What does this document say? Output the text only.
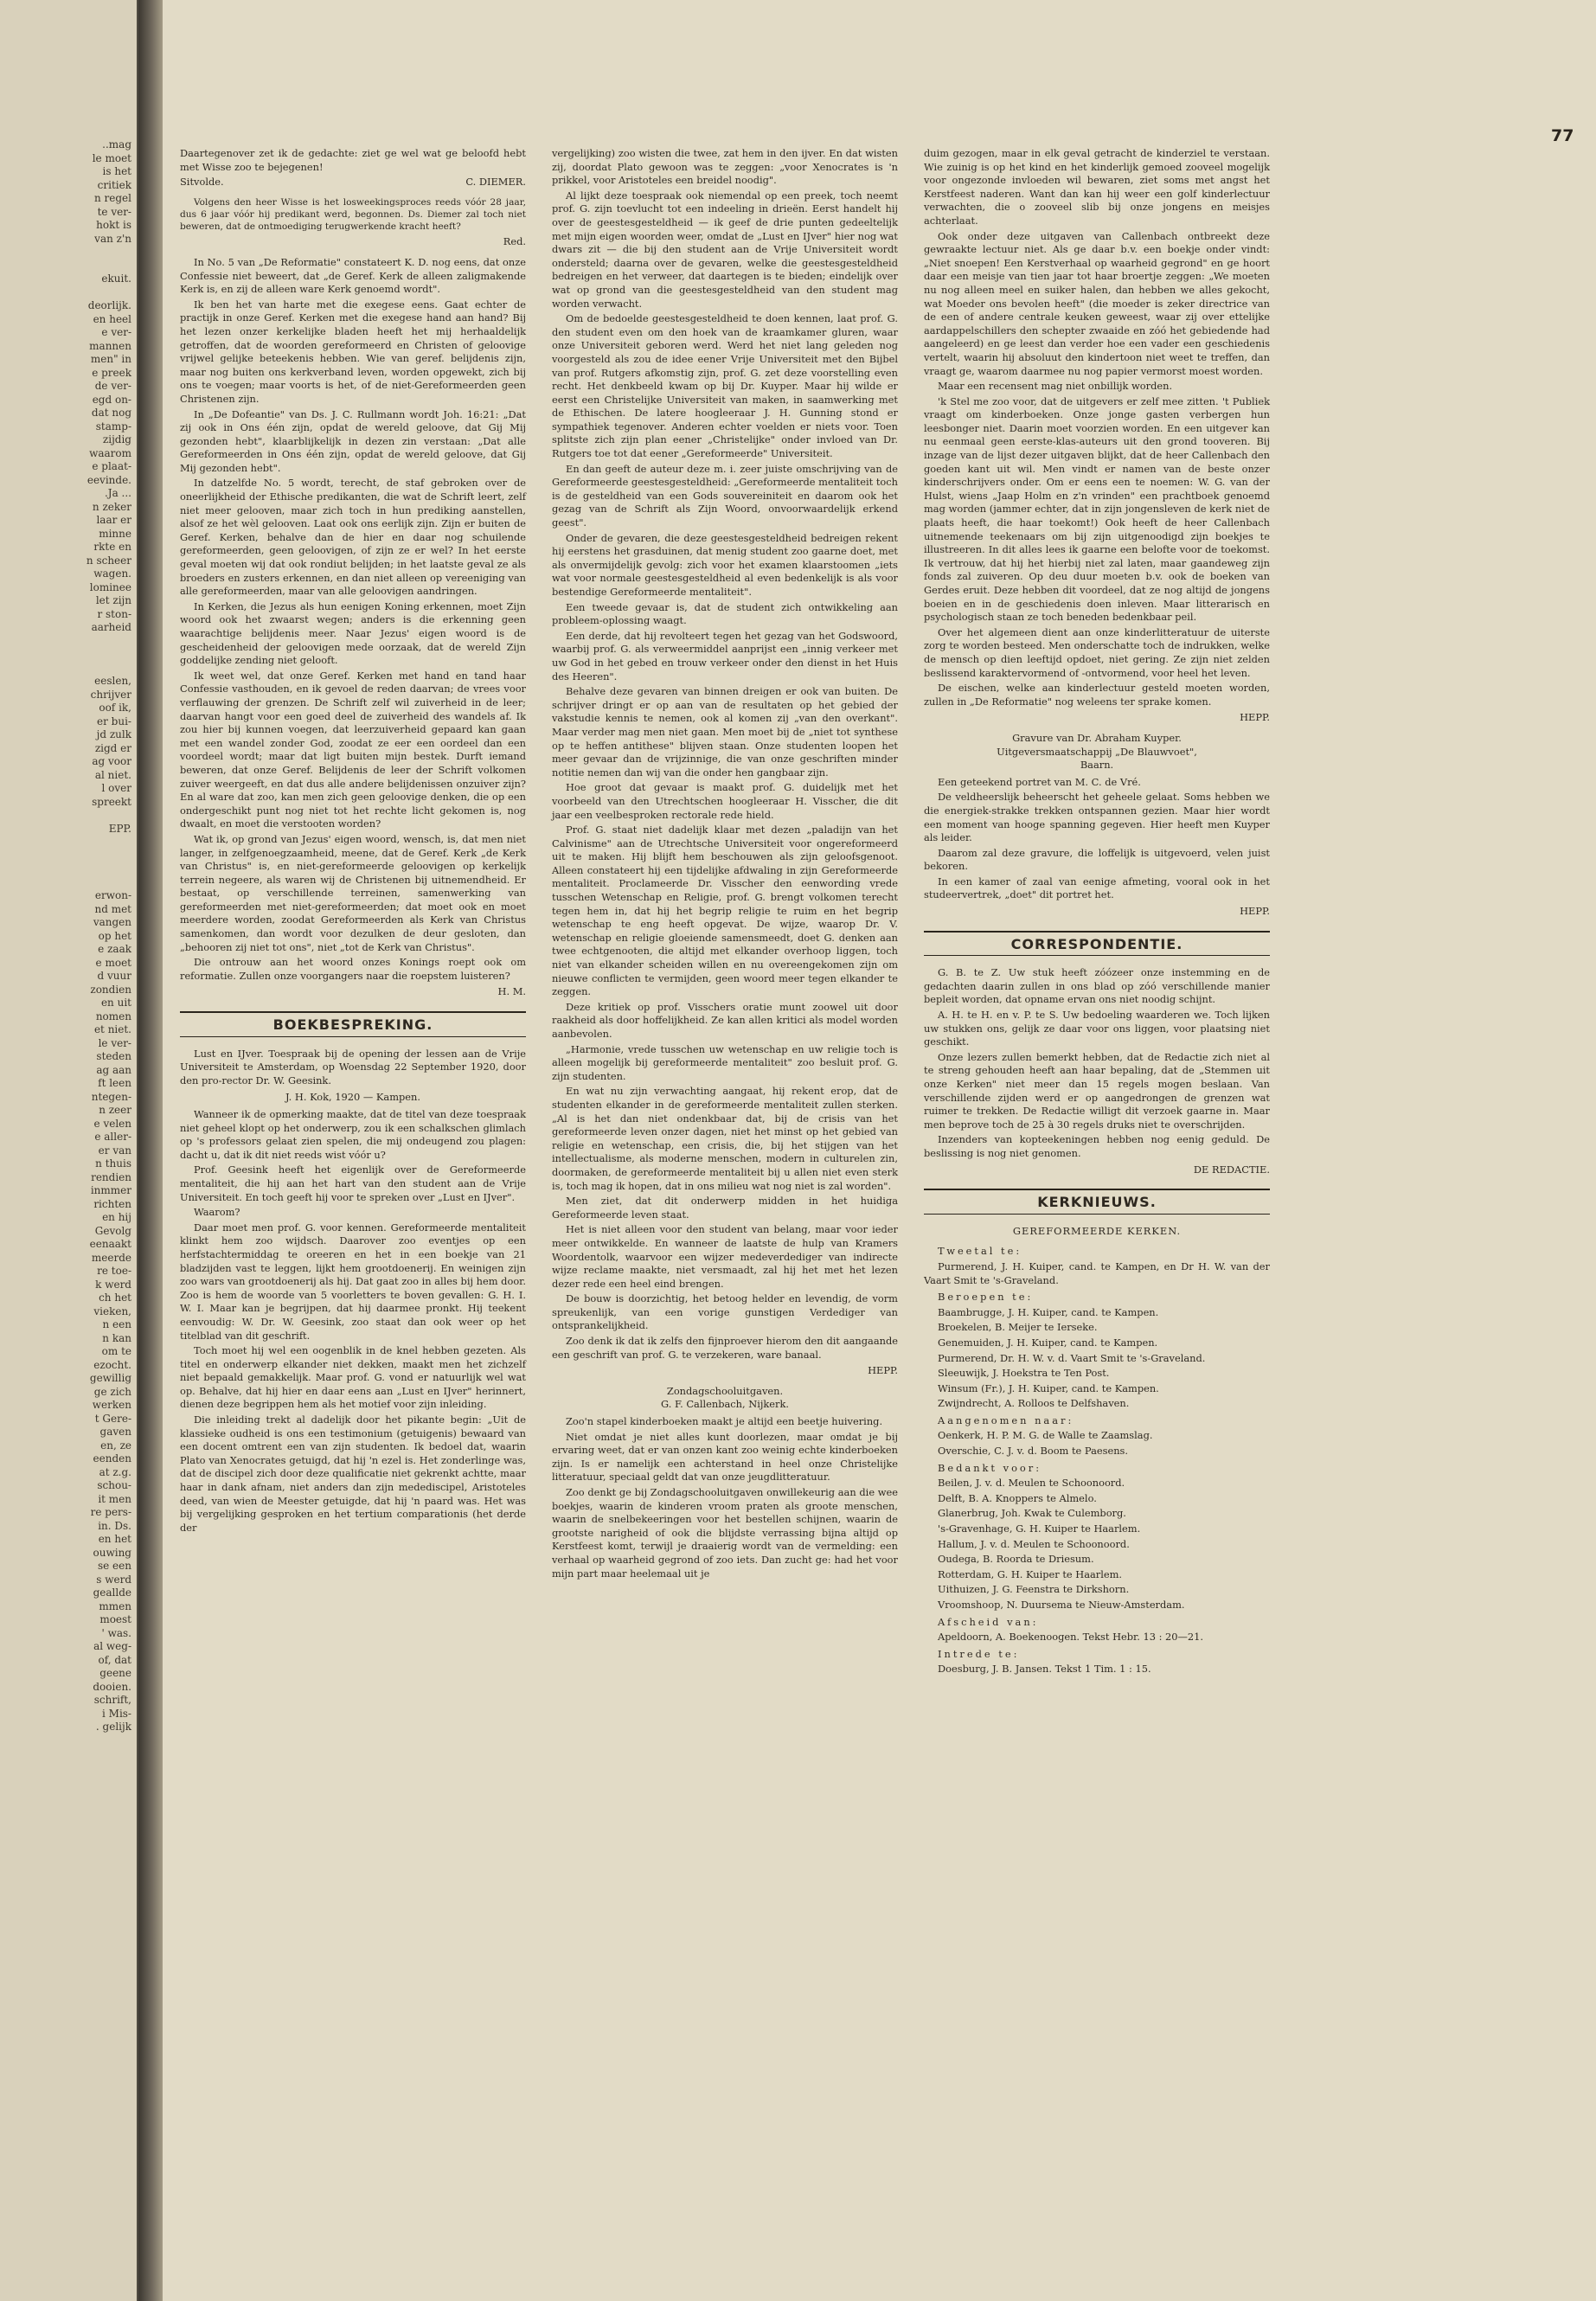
..mag
le moet
is het
critiek
n regel
te ver-
hokt is
van z'n

ekuit.

deorlijk.
en heel
e ver-
mannen
men" in
e preek
de ver-
egd on-
dat nog
stamp-
zijdig
waarom
e plaat-
eevinde.
.Ja ...
n zeker
laar er
minne
rkte en
n scheer
wagen.
lominee
let zijn
r ston-
aarheid

eeslen,
chrijver
oof ik,
er bui-
jd zulk
zigd er
ag voor
al niet.
l over
spreekt

EPP.

erwon-
nd met
vangen
op het
e zaak
e moet
d vuur
zondien
en uit
nomen
et niet.
le ver-
steden
ag aan
ft leen
ntegen-
n zeer
e velen
e aller-
er van
n thuis
rendien
inmmer
richten
en hij
Gevolg
eenaakt
meerde
re toe-
k werd
ch het
vieken,
n een
n kan
om te
ezocht.
gewillig
ge zich
werken
t Gere-
gaven
en, ze
eenden
at z.g.
schou-
it men
re pers-
in. Ds.
en het
ouwing
se een
s werd
geallde
mmen
moest
' was.
al weg-
of, dat
geene
dooien.
schrift,
i Mis-
. gelijk
77

Daartegenover zet ik de gedachte: ziet ge wel wat ge beloofd hebt met Wisse zoo te bejegenen!

Sitvolde.	C. DIEMER.

Volgens den heer Wisse is het losweekingsproces reeds vóór 28 jaar, dus 6 jaar vóór hij predikant werd, begonnen. Ds. Diemer zal toch niet beweren, dat de ontmoediging terugwerkende kracht heeft?

Red.

In No. 5 van „De Reformatie" constateert K. D. nog eens, dat onze Confessie niet beweert, dat „de Geref. Kerk de alleen zaligmakende Kerk is, en zij de alleen ware Kerk genoemd wordt".

Ik ben het van harte met die exegese eens. Gaat echter de practijk in onze Geref. Kerken met die exegese hand aan hand? Bij het lezen onzer kerkelijke bladen heeft het mij herhaaldelijk getroffen, dat de woorden gereformeerd en Christen of geloovige vrijwel gelijke beteekenis hebben. Wie van geref. belijdenis zijn, maar nog buiten ons kerkverband leven, worden opgewekt, zich bij ons te voegen; maar voorts is het, of de niet-Gereformeerden geen Christenen zijn.

In „De Dofeantie" van Ds. J. C. Rullmann wordt Joh. 16:21: „Dat zij ook in Ons één zijn, opdat de wereld geloove, dat Gij Mij gezonden hebt", klaarblijkelijk in dezen zin verstaan: „Dat alle Gereformeerden in Ons één zijn, opdat de wereld geloove, dat Gij Mij gezonden hebt".

In datzelfde No. 5 wordt, terecht, de staf gebroken over de oneerlijkheid der Ethische predikanten, die wat de Schrift leert, zelf niet meer gelooven, maar zich toch in hun prediking aanstellen, alsof ze het wèl gelooven. Laat ook ons eerlijk zijn. Zijn er buiten de Geref. Kerken, behalve dan de hier en daar nog schuilende gereformeerden, geen geloovigen, of zijn ze er wel? In het eerste geval moeten wij dat ook rondiut belijden; in het laatste geval ze als broeders en zusters erkennen, en dan niet alleen op vereeniging van alle gereformeerden, maar van alle geloovigen aandringen.

In Kerken, die Jezus als hun eenigen Koning erkennen, moet Zijn woord ook het zwaarst wegen; anders is die erkenning geen waarachtige belijdenis meer. Naar Jezus' eigen woord is de gescheidenheid der geloovigen mede oorzaak, dat de wereld Zijn goddelijke zending niet gelooft.

Ik weet wel, dat onze Geref. Kerken met hand en tand haar Confessie vasthouden, en ik gevoel de reden daarvan; de vrees voor verflauwing der grenzen. De Schrift zelf wil zuiverheid in de leer; daarvan hangt voor een goed deel de zuiverheid des wandels af. Ik zou hier bij kunnen voegen, dat leerzuiverheid gepaard kan gaan met een wandel zonder God, zoodat ze eer een oordeel dan een voordeel wordt; maar dat ligt buiten mijn bestek. Durft iemand beweren, dat onze Geref. Belijdenis de leer der Schrift volkomen zuiver weergeeft, en dat dus alle andere belijdenissen onzuiver zijn? En al ware dat zoo, kan men zich geen geloovige denken, die op een ondergeschikt punt nog niet tot het rechte licht gekomen is, nog dwaalt, en moet die verstooten worden?

Wat ik, op grond van Jezus' eigen woord, wensch, is, dat men niet langer, in zelfgenoegzaamheid, meene, dat de Geref. Kerk „de Kerk van Christus" is, en niet-gereformeerde geloovigen op kerkelijk terrein negeere, als waren wij de Christenen bij uitnemendheid. Er bestaat, op verschillende terreinen, samenwerking van gereformeerden met niet-gereformeerden; dat moet ook en moet meerdere worden, zoodat Gereformeerden als Kerk van Christus samenkomen, dan wordt voor dezulken de deur gesloten, dan „behooren zij niet tot ons", niet „tot de Kerk van Christus".

Die ontrouw aan het woord onzes Konings roept ook om reformatie. Zullen onze voorgangers naar die roepstem luisteren?

H. M.
BOEKBESPREKING.

Lust en IJver. Toespraak bij de opening der lessen aan de Vrije Universiteit te Amsterdam, op Woensdag 22 September 1920, door den pro-rector Dr. W. Geesink.

J. H. Kok, 1920 — Kampen.

Wanneer ik de opmerking maakte, dat de titel van deze toespraak niet geheel klopt op het onderwerp, zou ik een schalkschen glimlach op 's professors gelaat zien spelen, die mij ondeugend zou plagen: dacht u, dat ik dit niet reeds wist vóór u?

Prof. Geesink heeft het eigenlijk over de Gereformeerde mentaliteit, die hij aan het hart van den student aan de Vrije Universiteit. En toch geeft hij voor te spreken over „Lust en IJver".

Waarom?

Daar moet men prof. G. voor kennen. Gereformeerde mentaliteit klinkt hem zoo wijdsch. Daarover zoo eventjes op een herfstachtermiddag te oreeren en het in een boekje van 21 bladzijden vast te leggen, lijkt hem grootdoenerij. En weinigen zijn zoo wars van grootdoenerij als hij. Dat gaat zoo in alles bij hem door. Zoo is hem de woorde van 5 voorletters te boven gevallen: G. H. I. W. I. Maar kan je begrijpen, dat hij daarmee pronkt. Hij teekent eenvoudig: W. Dr. W. Geesink, zoo staat dan ook weer op het titelblad van dit geschrift.

Toch moet hij wel een oogenblik in de knel hebben gezeten. Als titel en onderwerp elkander niet dekken, maakt men het zichzelf niet bepaald gemakkelijk. Maar prof. G. vond er natuurlijk wel wat op. Behalve, dat hij hier en daar eens aan „Lust en IJver" herinnert, dienen deze begrippen hem als het motief voor zijn inleiding.

Die inleiding trekt al dadelijk door het pikante begin: „Uit de klassieke oudheid is ons een testimonium (getuigenis) bewaard van een docent omtrent een van zijn studenten. Ik bedoel dat, waarin Plato van Xenocrates getuigd, dat hij 'n ezel is. Het zonderlinge was, dat de discipel zich door deze qualificatie niet gekrenkt achtte, maar haar in dank afnam, niet anders dan zijn medediscipel, Aristoteles deed, van wien de Meester getuigde, dat hij 'n paard was. Het was bij vergelijking gesproken en het tertium comparationis (het derde der

vergelijking) zoo wisten die twee, zat hem in den ijver. En dat wisten zij, doordat Plato gewoon was te zeggen: „voor Xenocrates is 'n prikkel, voor Aristoteles een breidel noodig".

Al lijkt deze toespraak ook niemendal op een preek, toch neemt prof. G. zijn toevlucht tot een indeeling in drieën. Eerst handelt hij over de geestesgesteldheid — ik geef de drie punten gedeeltelijk met mijn eigen woorden weer, omdat de „Lust en IJver" hier nog wat dwars zit — die bij den student aan de Vrije Universiteit wordt ondersteld; daarna over de gevaren, welke die geestesgesteldheid bedreigen en het verweer, dat daartegen is te bieden; eindelijk over wat op grond van die geestesgesteldheid van den student mag worden verwacht.

Om de bedoelde geestesgesteldheid te doen kennen, laat prof. G. den student even om den hoek van de kraamkamer gluren, waar onze Universiteit geboren werd. Werd het niet lang geleden nog voorgesteld als zou de idee eener Vrije Universiteit met den Bijbel van prof. Rutgers afkomstig zijn, prof. G. zet deze voorstelling even recht. Het denkbeeld kwam op bij Dr. Kuyper. Maar hij wilde er eerst een Christelijke Universiteit van maken, in saamwerking met de Ethischen. De latere hoogleeraar J. H. Gunning stond er sympathiek tegenover. Anderen echter voelden er niets voor. Toen splitste zich zijn plan eener „Christelijke" onder invloed van Dr. Rutgers toe tot dat eener „Gereformeerde" Universiteit.

En dan geeft de auteur deze m. i. zeer juiste omschrijving van de Gereformeerde geestesgesteldheid: „Gereformeerde mentaliteit toch is de gesteldheid van een Gods souvereiniteit en daarom ook het gezag van de Schrift als Zijn Woord, onvoorwaardelijk erkend geest".

Onder de gevaren, die deze geestesgesteldheid bedreigen rekent hij eerstens het grasduinen, dat menig student zoo gaarne doet, met als onvermijdelijk gevolg: zich voor het examen klaarstoomen „iets wat voor normale geestesgesteldheid al even bedenkelijk is als voor bestendige Gereformeerde mentaliteit".

Een tweede gevaar is, dat de student zich ontwikkeling aan probleem-oplossing waagt.

Een derde, dat hij revolteert tegen het gezag van het Godswoord, waarbij prof. G. als verweermiddel aanprijst een „innig verkeer met uw God in het gebed en trouw verkeer onder den dienst in het Huis des Heeren".

Behalve deze gevaren van binnen dreigen er ook van buiten. De schrijver dringt er op aan van de resultaten op het gebied der vakstudie kennis te nemen, ook al komen zij „van den overkant". Maar verder mag men niet gaan. Men moet bij de „niet tot synthese op te heffen antithese" blijven staan. Onze studenten loopen het meer gevaar dan de vrijzinnige, die van onze geschriften minder notitie nemen dan wij van die onder hen gangbaar zijn.

Hoe groot dat gevaar is maakt prof. G. duidelijk met het voorbeeld van den Utrechtschen hoogleeraar H. Visscher, die dit jaar een veelbesproken rectorale rede hield.

Prof. G. staat niet dadelijk klaar met dezen „paladijn van het Calvinisme" aan de Utrechtsche Universiteit voor ongereformeerd uit te maken. Hij blijft hem beschouwen als zijn geloofsgenoot. Alleen constateert hij een tijdelijke afdwaling in zijn Gereformeerde mentaliteit. Proclameerde Dr. Visscher den eenwording vrede tusschen Wetenschap en Religie, prof. G. brengt volkomen terecht tegen hem in, dat hij het begrip religie te ruim en het begrip wetenschap te eng heeft opgevat. De wijze, waarop Dr. V. wetenschap en religie gloeiende samensmeedt, doet G. denken aan twee echtgenooten, die altijd met elkander overhoop liggen, toch niet van elkander scheiden willen en nu overeengekomen zijn om nieuwe conflicten te vermijden, geen woord meer tegen elkander te zeggen.

Deze kritiek op prof. Visschers oratie munt zoowel uit door raakheid als door hoffelijkheid. Ze kan allen kritici als model worden aanbevolen.

„Harmonie, vrede tusschen uw wetenschap en uw religie toch is alleen mogelijk bij gereformeerde mentaliteit" zoo besluit prof. G. zijn studenten.

En wat nu zijn verwachting aangaat, hij rekent erop, dat de studenten elkander in de gereformeerde mentaliteit zullen sterken. „Al is het dan niet ondenkbaar dat, bij de crisis van het gereformeerde leven onzer dagen, niet het minst op het gebied van religie en wetenschap, een crisis, die, bij het stijgen van het intellectualisme, als moderne menschen, modern in culturelen zin, doormaken, de gereformeerde mentaliteit bij u allen niet even sterk is, toch mag ik hopen, dat in ons milieu wat nog niet is zal worden".

Men ziet, dat dit onderwerp midden in het huidiga Gereformeerde leven staat.

Het is niet alleen voor den student van belang, maar voor ieder meer ontwikkelde. En wanneer de laatste de hulp van Kramers Woordentolk, waarvoor een wijzer medeverdediger van indirecte wijze reclame maakte, niet versmaadt, zal hij het met het lezen dezer rede een heel eind brengen.

De bouw is doorzichtig, het betoog helder en levendig, de vorm spreukenlijk, van een vorige gunstigen Verdediger van ontsprankelijkheid.

Zoo denk ik dat ik zelfs den fijnproever hierom den dit aangaande een geschrift van prof. G. te verzekeren, ware banaal.

HEPP.

Zondagschooluitgaven.
G. F. Callenbach, Nijkerk.

Zoo'n stapel kinderboeken maakt je altijd een beetje huivering.

Niet omdat je niet alles kunt doorlezen, maar omdat je bij ervaring weet, dat er van onzen kant zoo weinig echte kinderboeken zijn. Is er namelijk een achterstand in heel onze Christelijke litteratuur, speciaal geldt dat van onze jeugdlitteratuur.

Zoo denkt ge bij Zondagschooluitgaven onwillekeurig aan die wee boekjes, waarin de kinderen vroom praten als groote menschen, waarin de snelbekeeringen voor het bestellen schijnen, waarin de grootste narigheid of ook die blijdste verrassing bijna altijd op Kerstfeest komt, terwijl je draaierig wordt van de vermelding: een verhaal op waarheid gegrond of zoo iets. Dan zucht ge: had het voor mijn part maar heelemaal uit je

duim gezogen, maar in elk geval getracht de kinderziel te verstaan. Wie zuinig is op het kind en het kinderlijk gemoed zooveel mogelijk voor ongezonde invloeden wil bewaren, ziet soms met angst het Kerstfeest naderen. Want dan kan hij weer een golf kinderlectuur verwachten, die o zooveel slib bij onze jongens en meisjes achterlaat.

Ook onder deze uitgaven van Callenbach ontbreekt deze gewraakte lectuur niet. Als ge daar b.v. een boekje onder vindt: „Niet snoepen! Een Kerstverhaal op waarheid gegrond" en ge hoort daar een meisje van tien jaar tot haar broertje zeggen: „We moeten nu nog alleen meel en suiker halen, dan hebben we alles gekocht, wat Moeder ons bevolen heeft" (die moeder is zeker directrice van de een of andere centrale keuken geweest, waar zij over ettelijke aardappelschillers den schepter zwaaide en zóó het gebiedende had aangeleerd) en ge leest dan verder hoe een vader een geschiedenis vertelt, waarin hij absoluut den kindertoon niet weet te treffen, dan vraagt ge, waarom daarmee nu nog papier vermorst moest worden.

Maar een recensent mag niet onbillijk worden.

'k Stel me zoo voor, dat de uitgevers er zelf mee zitten. 't Publiek vraagt om kinderboeken. Onze jonge gasten verbergen hun leesbonger niet. Daarin moet voorzien worden. En een uitgever kan nu eenmaal geen eerste-klas-auteurs uit den grond tooveren. Bij inzage van de lijst dezer uitgaven blijkt, dat de heer Callenbach den goeden kant uit wil. Men vindt er namen van de beste onzer kinderschrijvers onder. Om er eens een te noemen: W. G. van der Hulst, wiens „Jaap Holm en z'n vrinden" een prachtboek genoemd mag worden (jammer echter, dat in zijn jongensleven de kerk niet de plaats heeft, die haar toekomt!) Ook heeft de heer Callenbach uitnemende teekenaars om bij zijn uitgenoodigd zijn boekjes te illustreeren. In dit alles lees ik gaarne een belofte voor de toekomst. Ik vertrouw, dat hij het hierbij niet zal laten, maar gaandeweg zijn fonds zal zuiveren. Op deu duur moeten b.v. ook de boeken van Gerdes eruit. Deze hebben dit voordeel, dat ze nog altijd de jongens boeien en in de geschiedenis doen inleven. Maar litterarisch en psychologisch staan ze toch beneden bedenkbaar peil.

Over het algemeen dient aan onze kinderlitteratuur de uiterste zorg te worden besteed. Men onderschatte toch de indrukken, welke de mensch op dien leeftijd opdoet, niet gering. Ze zijn niet zelden beslissend karaktervormend of -ontvormend, voor heel het leven.

De eischen, welke aan kinderlectuur gesteld moeten worden, zullen in „De Reformatie" nog weleens ter sprake komen.

HEPP.

Gravure van Dr. Abraham Kuyper.
Uitgeversmaatschappij „De Blauwvoet",
Baarn.

Een geteekend portret van M. C. de Vré.

De veldheerslijk beheerscht het geheele gelaat. Soms hebben we die energiek-strakke trekken ontspannen gezien. Maar hier wordt een moment van hooge spanning gegeven. Hier heeft men Kuyper als leider.

Daarom zal deze gravure, die loffelijk is uitgevoerd, velen juist bekoren.

In een kamer of zaal van eenige afmeting, vooral ook in het studeervertrek, „doet" dit portret het.

HEPP.
CORRESPONDENTIE.

G. B. te Z. Uw stuk heeft zóózeer onze instemming en de gedachten daarin zullen in ons blad op zóó verschillende manier bepleit worden, dat opname ervan ons niet noodig schijnt.

A. H. te H. en v. P. te S. Uw bedoeling waarderen we. Toch lijken uw stukken ons, gelijk ze daar voor ons liggen, voor plaatsing niet geschikt.

Onze lezers zullen bemerkt hebben, dat de Redactie zich niet al te streng gehouden heeft aan haar bepaling, dat de „Stemmen uit onze Kerken" niet meer dan 15 regels mogen beslaan. Van verschillende zijden werd er op aangedrongen de grenzen wat ruimer te trekken. De Redactie willigt dit verzoek gaarne in. Maar men beprove toch de 25 à 30 regels druks niet te overschrijden.

Inzenders van kopteekeningen hebben nog eenig geduld. De beslissing is nog niet genomen.

DE REDACTIE.
KERKNIEUWS.
GEREFORMEERDE KERKEN.

Tweetal te:

Purmerend, J. H. Kuiper, cand. te Kampen, en Dr H. W. van der Vaart Smit te 's-Graveland.

Beroepen te:

Baambrugge, J. H. Kuiper, cand. te Kampen.

Broekelen, B. Meijer te Ierseke.

Genemuiden, J. H. Kuiper, cand. te Kampen.

Purmerend, Dr. H. W. v. d. Vaart Smit te 's-Graveland.

Sleeuwijk, J. Hoekstra te Ten Post.

Winsum (Fr.), J. H. Kuiper, cand. te Kampen.

Zwijndrecht, A. Rolloos te Delfshaven.

Aangenomen naar:

Oenkerk, H. P. M. G. de Walle te Zaamslag.

Overschie, C. J. v. d. Boom te Paesens.

Bedankt voor:

Beilen, J. v. d. Meulen te Schoonoord.

Delft, B. A. Knoppers te Almelo.

Glanerbrug, Joh. Kwak te Culemborg.

's-Gravenhage, G. H. Kuiper te Haarlem.

Hallum, J. v. d. Meulen te Schoonoord.

Oudega, B. Roorda te Driesum.

Rotterdam, G. H. Kuiper te Haarlem.

Uithuizen, J. G. Feenstra te Dirkshorn.

Vroomshoop, N. Duursema te Nieuw-Amsterdam.

Afscheid van:

Apeldoorn, A. Boekenoogen. Tekst Hebr. 13 : 20—21.

Intrede te:

Doesburg, J. B. Jansen. Tekst 1 Tim. 1 : 15.
